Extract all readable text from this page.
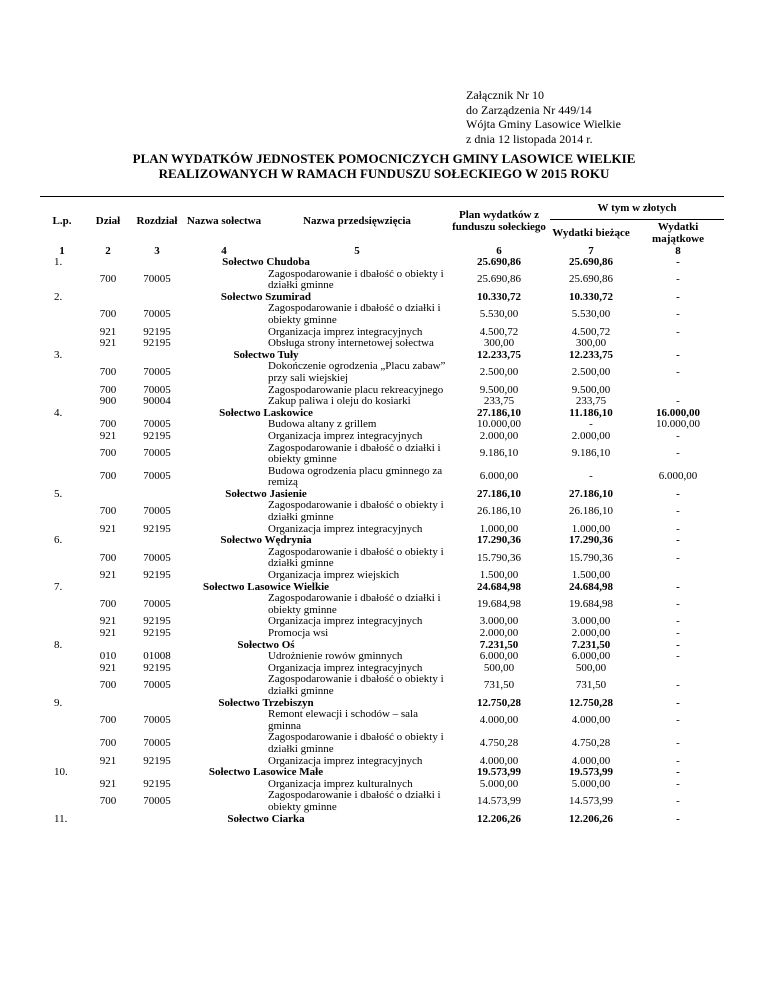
Załącznik Nr 10
do Zarządzenia Nr 449/14
Wójta Gminy Lasowice Wielkie
z dnia 12 listopada 2014 r.
PLAN WYDATKÓW JEDNOSTEK POMOCNICZYCH GMINY LASOWICE WIELKIE
REALIZOWANYCH W RAMACH FUNDUSZU SOŁECKIEGO W 2015 ROKU
L.p.	Dział	Rozdział	Nazwa sołectwa	Nazwa przedsięwzięcia	Plan wydatków z funduszu sołeckiego	W tym w złotych	
						Wydatki bieżące	Wydatki majątkowe
1	2	3	4	5	6	7	8
1.	Sołectwo Chudoba				25.690,86	25.690,86	-
	700	70005		Zagospodarowanie i dbałość o obiekty i działki gminne	25.690,86	25.690,86	-
2.	Sołectwo Szumirad				10.330,72	10.330,72	-
	700	70005		Zagospodarowanie i dbałość o działki i obiekty gminne	5.530,00	5.530,00	-
	921	92195		Organizacja imprez integracyjnych	4.500,72	4.500,72	-
	921	92195		Obsługa strony internetowej sołectwa	300,00	300,00	
3.	Sołectwo Tuły				12.233,75	12.233,75	-
	700	70005		Dokończenie ogrodzenia „Placu zabaw” przy sali wiejskiej	2.500,00	2.500,00	-
	700	70005		Zagospodarowanie placu rekreacyjnego	9.500,00	9.500,00	
	900	90004		Zakup paliwa i oleju do kosiarki	233,75	233,75	-
4.	Sołectwo Laskowice				27.186,10	11.186,10	16.000,00
	700	70005		Budowa altany z grillem	10.000,00	-	10.000,00
	921	92195		Organizacja imprez integracyjnych	2.000,00	2.000,00	-
	700	70005		Zagospodarowanie i dbałość o działki i obiekty gminne	9.186,10	9.186,10	-
	700	70005		Budowa ogrodzenia placu gminnego za remizą	6.000,00	-	6.000,00
5.	Sołectwo Jasienie				27.186,10	27.186,10	-
	700	70005		Zagospodarowanie i dbałość o obiekty i działki gminne	26.186,10	26.186,10	-
	921	92195		Organizacja imprez integracyjnych	1.000,00	1.000,00	-
6.	Sołectwo Wędrynia				17.290,36	17.290,36	-
	700	70005		Zagospodarowanie i dbałość o obiekty i działki gminne	15.790,36	15.790,36	-
	921	92195		Organizacja imprez wiejskich	1.500,00	1.500,00	
7.	Sołectwo Lasowice Wielkie				24.684,98	24.684,98	-
	700	70005		Zagospodarowanie i dbałość o działki i obiekty gminne	19.684,98	19.684,98	-
	921	92195		Organizacja imprez integracyjnych	3.000,00	3.000,00	-
	921	92195		Promocja wsi	2.000,00	2.000,00	-
8.	Sołectwo Oś				7.231,50	7.231,50	-
	010	01008		Udrożnienie rowów gminnych	6.000,00	6.000,00	-
	921	92195		Organizacja imprez integracyjnych	500,00	500,00	
	700	70005		Zagospodarowanie i dbałość o obiekty i działki gminne	731,50	731,50	-
9.	Sołectwo Trzebiszyn				12.750,28	12.750,28	-
	700	70005		Remont elewacji i schodów – sala gminna	4.000,00	4.000,00	-
	700	70005		Zagospodarowanie i dbałość o obiekty i działki gminne	4.750,28	4.750,28	-
	921	92195		Organizacja imprez integracyjnych	4.000,00	4.000,00	-
10.	Sołectwo Lasowice Małe				19.573,99	19.573,99	-
	921	92195		Organizacja imprez kulturalnych	5.000,00	5.000,00	-
	700	70005		Zagospodarowanie i dbałość o działki i obiekty gminne	14.573,99	14.573,99	-
11.	Sołectwo Ciarka				12.206,26	12.206,26	-
